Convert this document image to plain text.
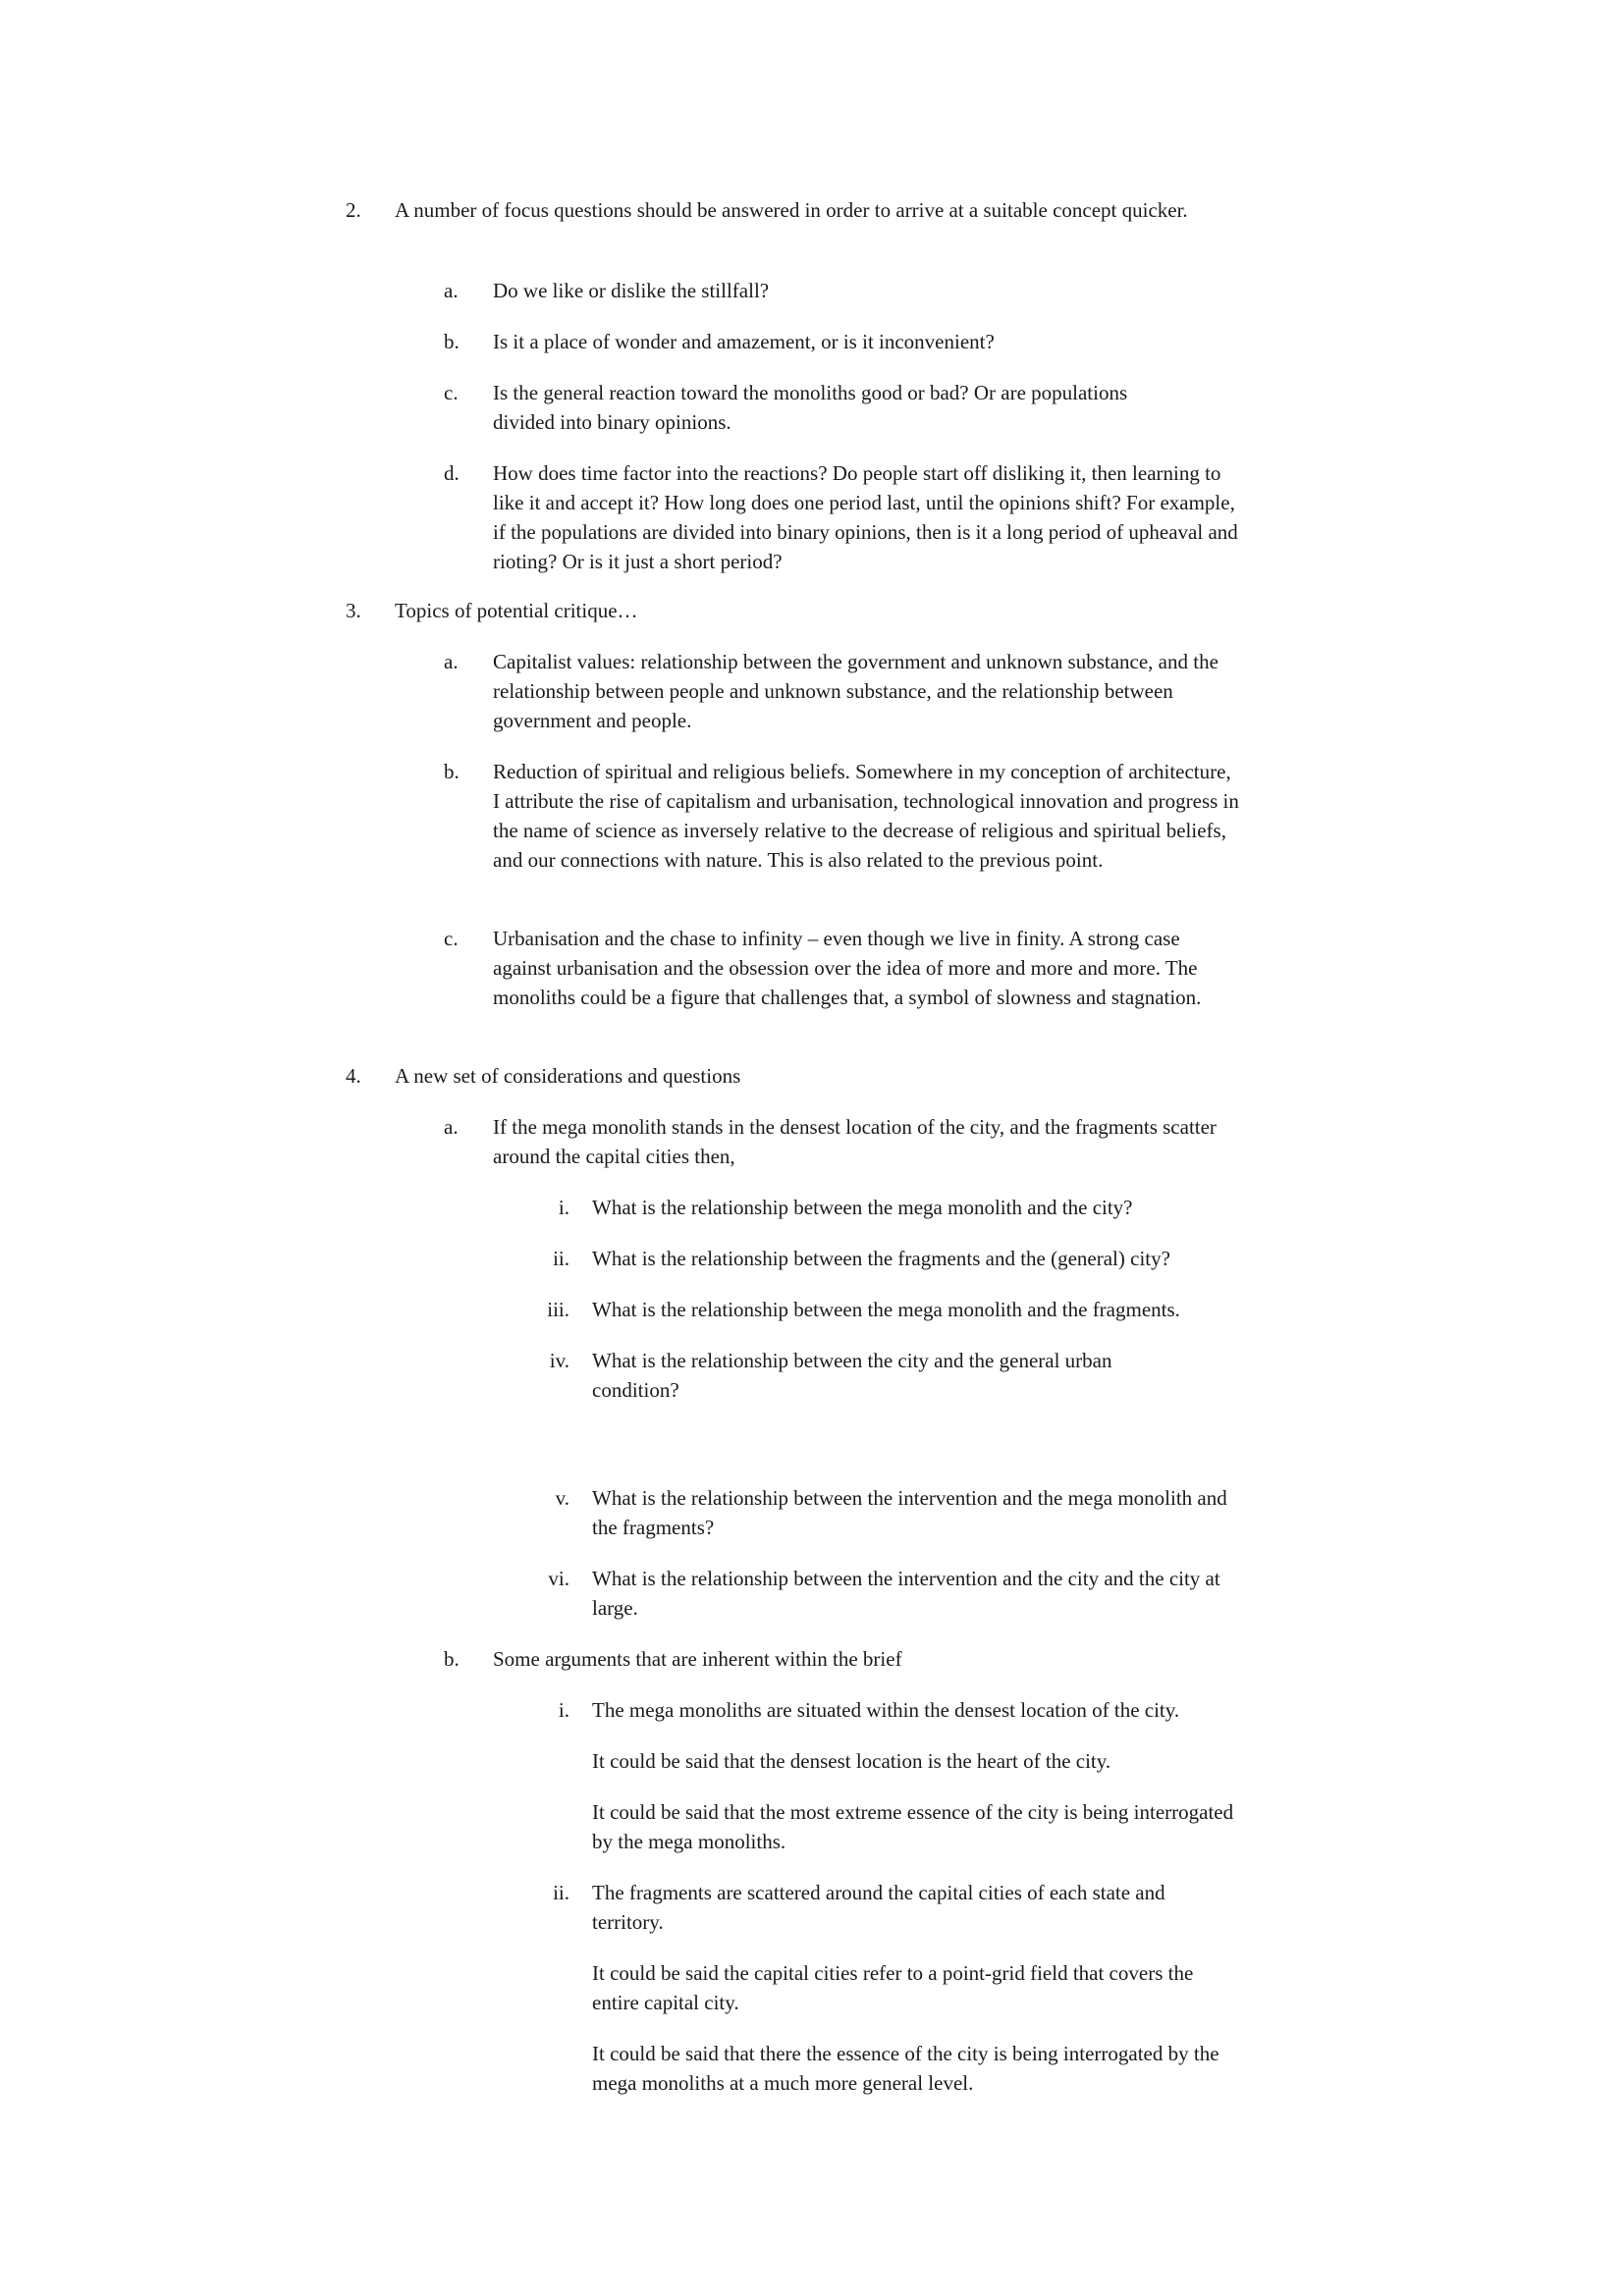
2. A number of focus questions should be answered in order to arrive at a suitable concept quicker.
a. Do we like or dislike the stillfall?
b. Is it a place of wonder and amazement, or is it inconvenient?
c. Is the general reaction toward the monoliths good or bad? Or are populations divided into binary opinions.
d. How does time factor into the reactions? Do people start off disliking it, then learning to like it and accept it? How long does one period last, until the opinions shift? For example, if the populations are divided into binary opinions, then is it a long period of upheaval and rioting? Or is it just a short period?
3. Topics of potential critique…
a. Capitalist values: relationship between the government and unknown substance, and the relationship between people and unknown substance, and the relationship between government and people.
b. Reduction of spiritual and religious beliefs. Somewhere in my conception of architecture, I attribute the rise of capitalism and urbanisation, technological innovation and progress in the name of science as inversely relative to the decrease of religious and spiritual beliefs, and our connections with nature. This is also related to the previous point.
c. Urbanisation and the chase to infinity – even though we live in finity. A strong case against urbanisation and the obsession over the idea of more and more and more. The monoliths could be a figure that challenges that, a symbol of slowness and stagnation.
4. A new set of considerations and questions
a. If the mega monolith stands in the densest location of the city, and the fragments scatter around the capital cities then,
i. What is the relationship between the mega monolith and the city?
ii. What is the relationship between the fragments and the (general) city?
iii. What is the relationship between the mega monolith and the fragments.
iv. What is the relationship between the city and the general urban condition?
v. What is the relationship between the intervention and the mega monolith and the fragments?
vi. What is the relationship between the intervention and the city and the city at large.
b. Some arguments that are inherent within the brief
i. The mega monoliths are situated within the densest location of the city.
It could be said that the densest location is the heart of the city.
It could be said that the most extreme essence of the city is being interrogated by the mega monoliths.
ii. The fragments are scattered around the capital cities of each state and territory.
It could be said the capital cities refer to a point-grid field that covers the entire capital city.
It could be said that there the essence of the city is being interrogated by the mega monoliths at a much more general level.
